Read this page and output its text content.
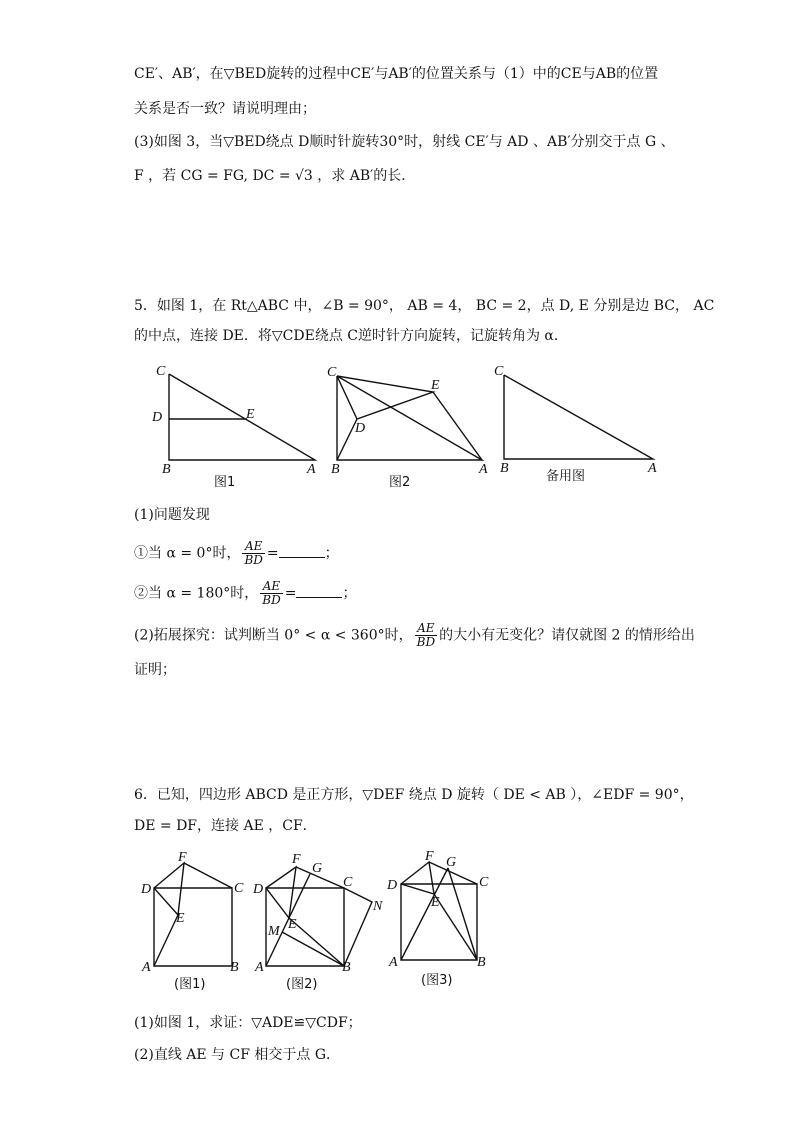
CE′、AB′，在▽BED旋转的过程中CE′与AB′的位置关系与（1）中的CE与AB的位置
关系是否一致？请说明理由；
(3)如图 3，当▽BED绕点 D顺时针旋转30°时，射线 CE′与 AD 、AB′分别交于点 G 、
F ，若 CG = FG, DC = √3 ，求 AB′的长．
5．如图 1，在 Rt△ABC 中，∠B = 90°， AB = 4， BC = 2，点 D, E 分别是边 BC， AC
的中点，连接 DE．将▽CDE绕点 C逆时针方向旋转，记旋转角为 α．
C
D	E
B	A
图1
C
E
D
B	A
图2
C
B	A
备用图
(1)问题发现
①当 α = 0°时， $\frac{AE}{BD}$ =	；
②当 α = 180°时， $\frac{AE}{BD}$ =	；
(2)拓展探究：试判断当 0° < α < 360°时， $\frac{AE}{BD}$ 的大小有无变化？请仅就图 2 的情形给出
证明；
6．已知，四边形 ABCD 是正方形，▽DEF 绕点 D 旋转（ DE < AB ），∠EDF = 90°，
DE = DF，连接 AE ，CF．
F
D	C
E
A	B
(图1)
F
G
D	C
N
E
M
A	B
(图2)
F G
D	C
E
A	B
(图3)
(1)如图 1，求证：▽ADE≌▽CDF；
(2)直线 AE 与 CF 相交于点 G．
